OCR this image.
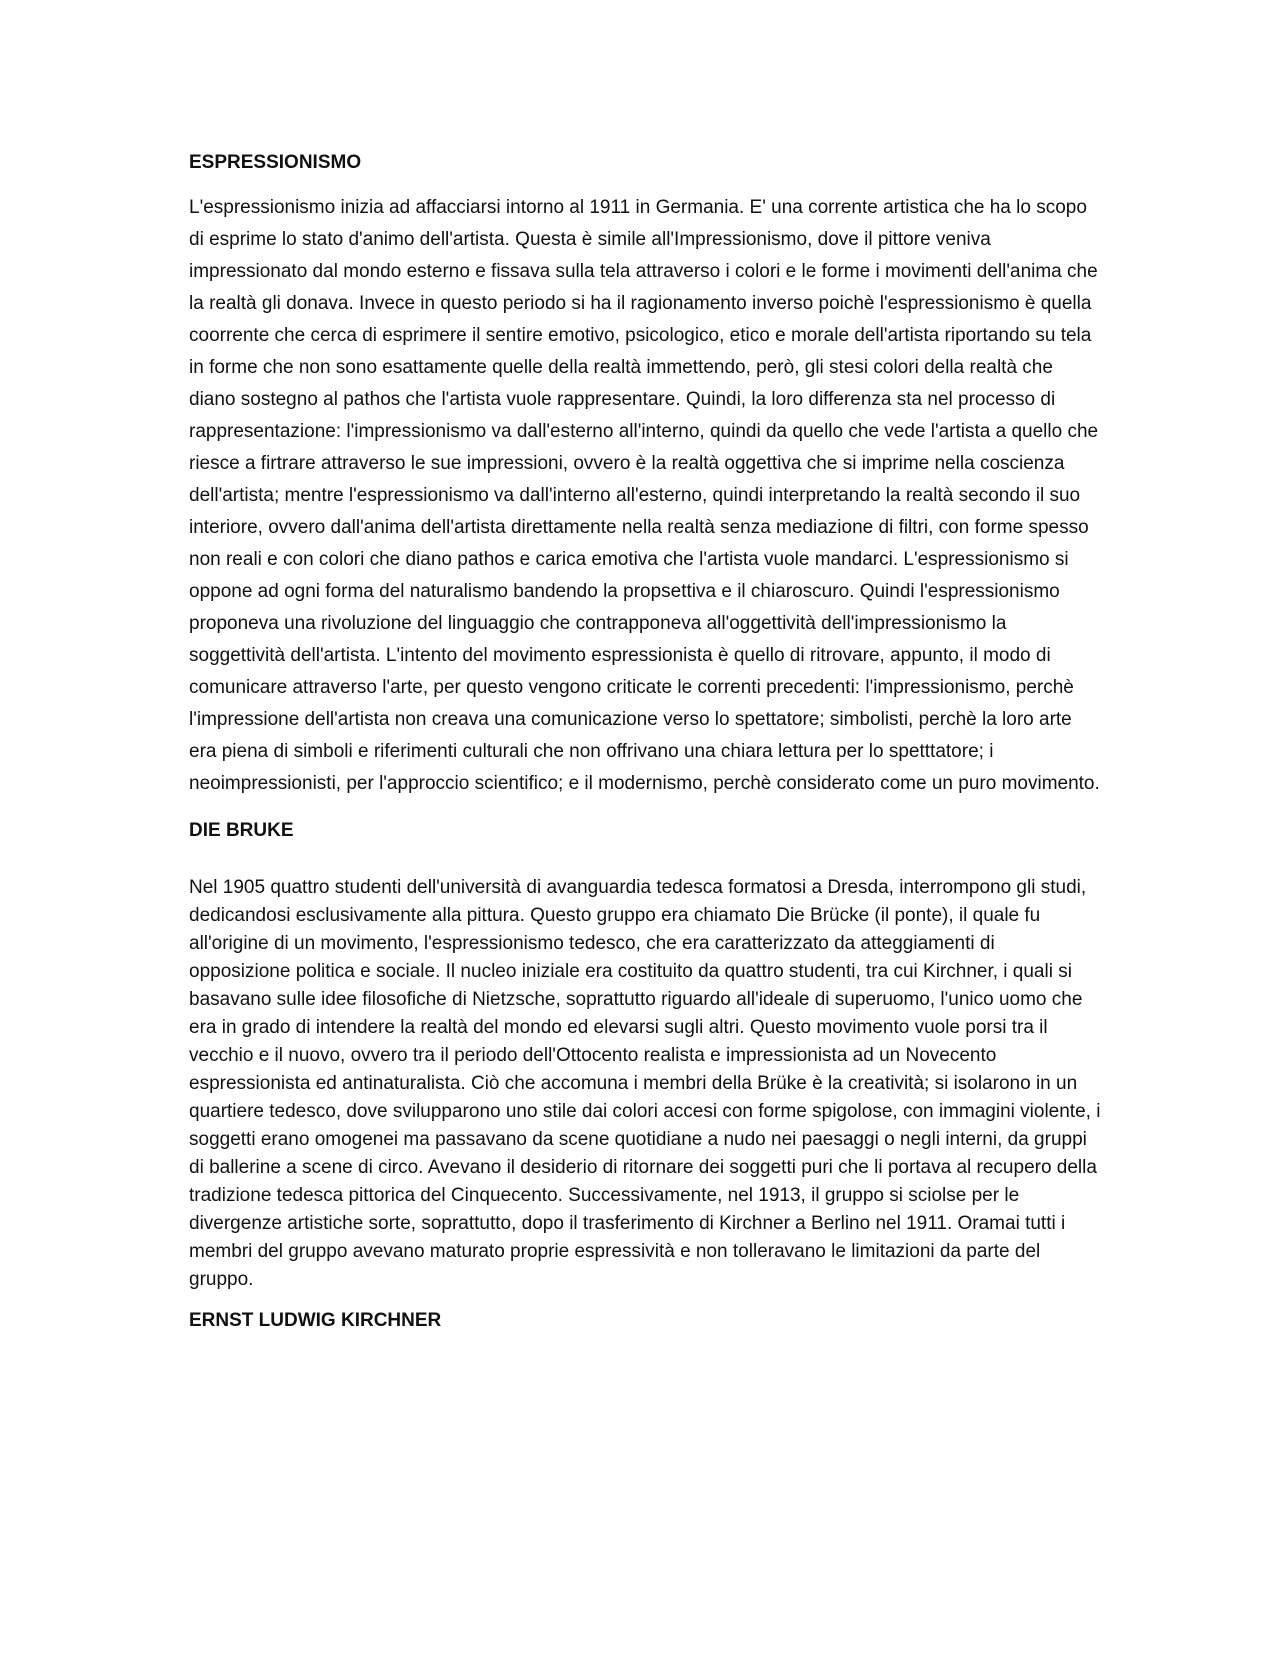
ESPRESSIONISMO

L'espressionismo inizia ad affacciarsi intorno al 1911 in Germania. E' una corrente artistica che ha lo scopo di esprime lo stato d'animo dell'artista. Questa è simile all'Impressionismo, dove il pittore veniva impressionato dal mondo esterno e fissava sulla tela attraverso i colori e le forme i movimenti dell'anima che la realtà gli donava. Invece in questo periodo si ha il ragionamento inverso poichè l'espressionismo è quella coorrente che cerca di esprimere il sentire emotivo, psicologico, etico e morale dell'artista riportando su tela in forme che non sono esattamente quelle della realtà immettendo, però, gli stesi colori della realtà che diano sostegno al pathos che l'artista vuole rappresentare. Quindi, la loro differenza sta nel processo di rappresentazione: l'impressionismo va dall'esterno all'interno, quindi da quello che vede l'artista a quello che riesce a firtrare attraverso le sue impressioni, ovvero è la realtà oggettiva che si imprime nella coscienza dell'artista; mentre l'espressionismo va dall'interno all'esterno, quindi interpretando la realtà secondo il suo interiore, ovvero dall'anima dell'artista direttamente nella realtà senza mediazione di filtri, con forme spesso non reali e con colori che diano pathos e carica emotiva che l'artista vuole mandarci. L'espressionismo si oppone ad ogni forma del naturalismo bandendo la propsettiva e il chiaroscuro. Quindi l'espressionismo proponeva una rivoluzione del linguaggio che contrapponeva all'oggettività dell'impressionismo la soggettività dell'artista. L'intento del movimento espressionista è quello di ritrovare, appunto, il modo di comunicare attraverso l'arte, per questo vengono criticate le correnti precedenti: l'impressionismo, perchè l'impressione dell'artista non creava una comunicazione verso lo spettatore; simbolisti, perchè la loro arte era piena di simboli e riferimenti culturali che non offrivano una chiara lettura per lo spetttatore; i neoimpressionisti, per l'approccio scientifico; e il modernismo, perchè considerato come un puro movimento.

DIE BRUKE

Nel 1905 quattro studenti dell'università di avanguardia tedesca formatosi a Dresda, interrompono gli studi, dedicandosi esclusivamente alla pittura. Questo gruppo era chiamato Die Brücke (il ponte), il quale fu all'origine di un movimento, l'espressionismo tedesco, che era caratterizzato da atteggiamenti di opposizione politica e sociale. Il nucleo iniziale era costituito da quattro studenti, tra cui Kirchner, i quali si basavano sulle idee filosofiche di Nietzsche, soprattutto riguardo all'ideale di superuomo, l'unico uomo che era in grado di intendere la realtà del mondo ed elevarsi sugli altri. Questo movimento vuole porsi tra il vecchio e il nuovo, ovvero tra il periodo dell'Ottocento realista e impressionista ad un Novecento espressionista ed antinaturalista. Ciò che accomuna i membri della Brüke è la creatività; si isolarono in un quartiere tedesco, dove svilupparono uno stile dai colori accesi con forme spigolose, con immagini violente, i soggetti erano omogenei ma passavano da scene quotidiane a nudo nei paesaggi o negli interni, da gruppi di ballerine a scene di circo. Avevano il desiderio di ritornare dei soggetti puri che li portava al recupero della tradizione tedesca pittorica del Cinquecento. Successivamente, nel 1913, il gruppo si sciolse per le divergenze artistiche sorte, soprattutto, dopo il trasferimento di Kirchner a Berlino nel 1911. Oramai tutti i membri del gruppo avevano maturato proprie espressività e non tolleravano le limitazioni da parte del gruppo.

ERNST LUDWIG KIRCHNER
